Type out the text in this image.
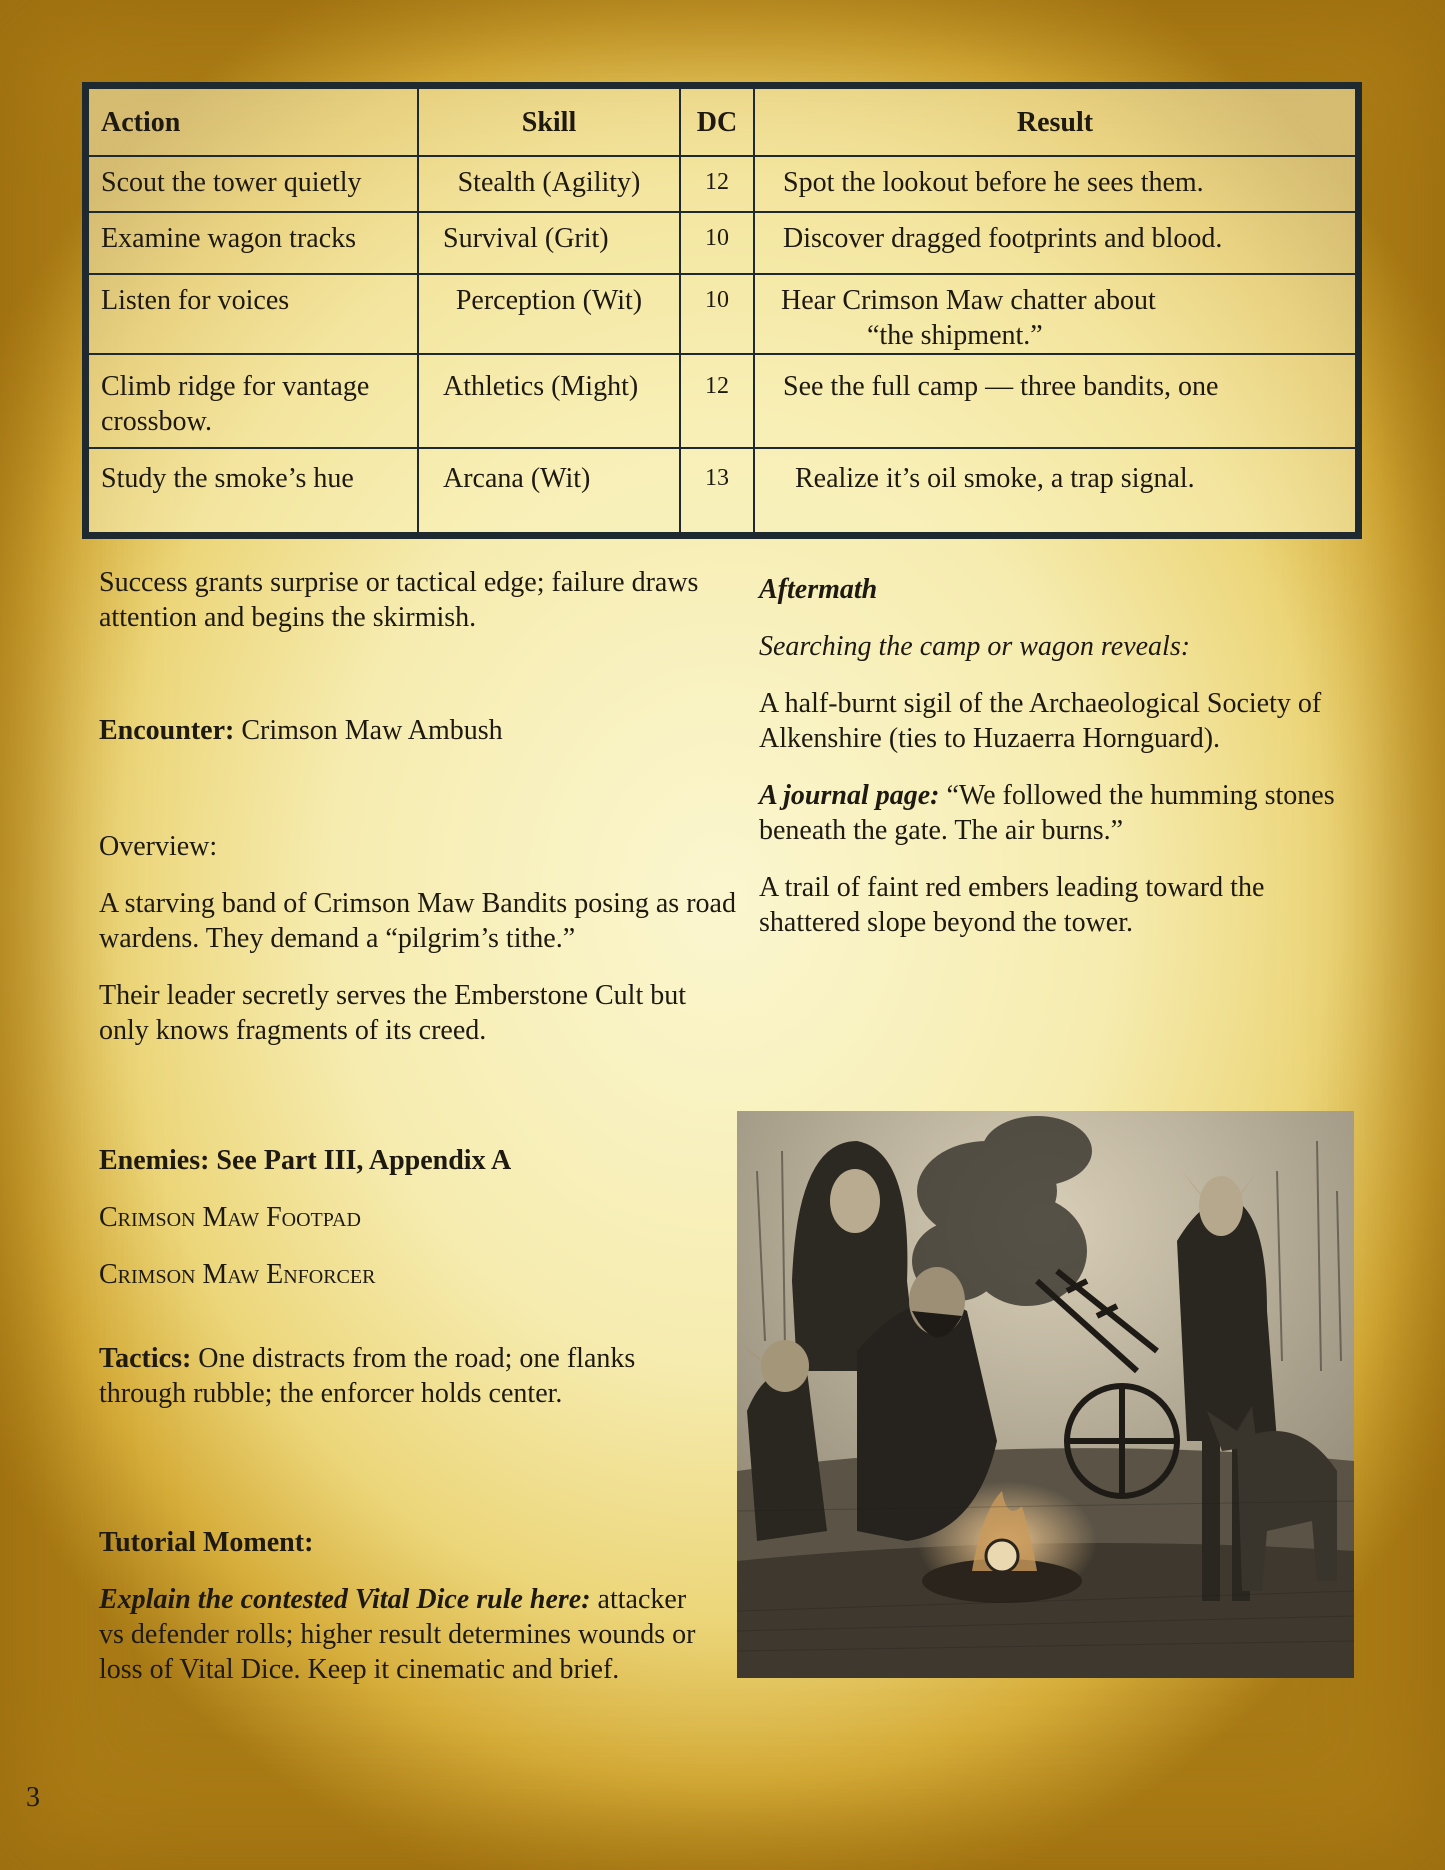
Action	Skill	DC	Result
Scout the tower quietly	Stealth (Agility)	12	Spot the lookout before he sees them.
Examine wagon tracks	Survival (Grit)	10	Discover dragged footprints and blood.
Listen for voices	Perception (Wit)	10	Hear Crimson Maw chatter about
“the shipment.”

Climb ridge for vantage crossbow.	Athletics (Might)	12	See the full camp — three bandits, one
Study the smoke’s hue	Arcana (Wit)	13	Realize it’s oil smoke, a trap signal.

Success grants surprise or tactical edge; failure draws attention and begins the skirmish.

Encounter: Crimson Maw Ambush

Overview:

A starving band of Crimson Maw Bandits posing as road wardens. They demand a “pilgrim’s tithe.”

Their leader secretly serves the Emberstone Cult but only knows fragments of its creed.

Enemies: See Part III, Appendix A

Crimson Maw Footpad

Crimson Maw Enforcer

Tactics: One distracts from the road; one flanks through rubble; the enforcer holds center.

Tutorial Moment:

Explain the contested Vital Dice rule here: attacker vs defender rolls; higher result determines wounds or loss of Vital Dice. Keep it cinematic and brief.

Aftermath

Searching the camp or wagon reveals:

A half-burnt sigil of the Archaeological Society of Alkenshire (ties to Huzaerra Hornguard).

A journal page: “We followed the humming stones beneath the gate. The air burns.”

A trail of faint red embers leading toward the shattered slope beyond the tower.

3
